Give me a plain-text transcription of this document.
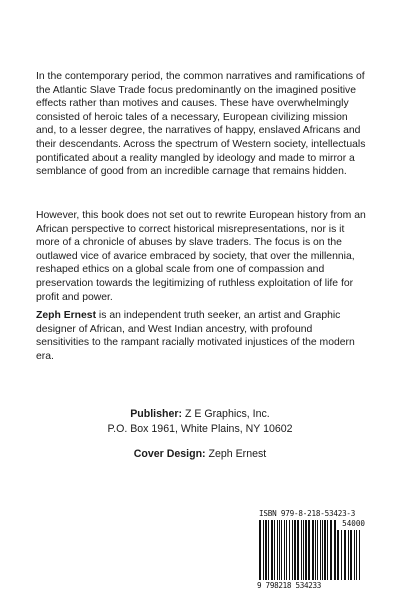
In the contemporary period, the common narratives and ramifications of the Atlantic Slave Trade focus predominantly on the imagined positive effects rather than motives and causes. These have overwhelmingly consisted of heroic tales of a necessary, European civilizing mission and, to a lesser degree, the narratives of happy, enslaved Africans and their descendants. Across the spectrum of Western society, intellectuals pontificated about a reality mangled by ideology and made to mirror a semblance of good from an incredible carnage that remains hidden.

However, this book does not set out to rewrite European history from an African perspective to correct historical misrepresentations, nor is it more of a chronicle of abuses by slave traders. The focus is on the outlawed vice of avarice embraced by society, that over the millennia, reshaped ethics on a global scale from one of compassion and preservation towards the legitimizing of ruthless exploitation of life for profit and power.

Zeph Ernest is an independent truth seeker, an artist and Graphic designer of African, and West Indian ancestry, with profound sensitivities to the rampant racially motivated injustices of the modern era.

Publisher: Z E Graphics, Inc.
P.O. Box 1961, White Plains, NY 10602
Cover Design: Zeph Ernest
ISBN 979-8-218-53423-3
54000
9 798218 534233
